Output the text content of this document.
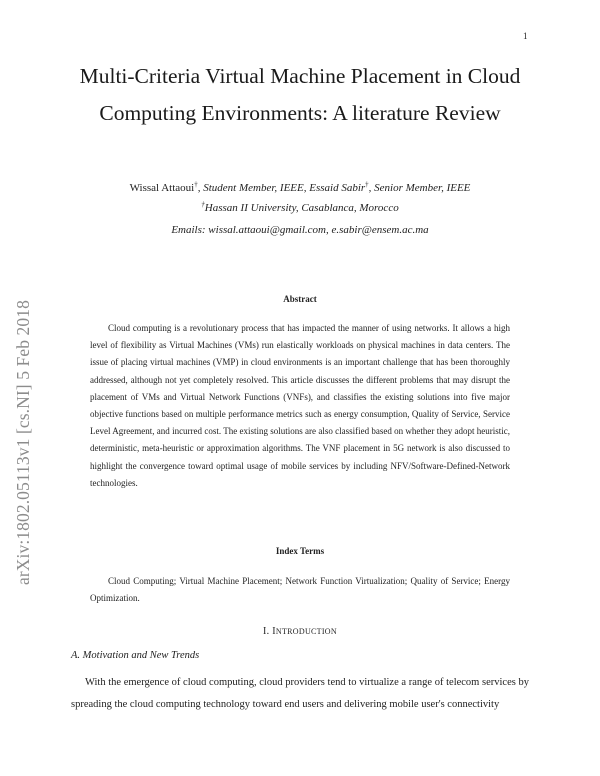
1
arXiv:1802.05113v1 [cs.NI] 5 Feb 2018
Multi-Criteria Virtual Machine Placement in Cloud Computing Environments: A literature Review
Wissal Attaoui†, Student Member, IEEE, Essaid Sabir†, Senior Member, IEEE
†Hassan II University, Casablanca, Morocco
Emails: wissal.attaoui@gmail.com, e.sabir@ensem.ac.ma
Abstract

Cloud computing is a revolutionary process that has impacted the manner of using networks. It allows a high level of flexibility as Virtual Machines (VMs) run elastically workloads on physical machines in data centers. The issue of placing virtual machines (VMP) in cloud environments is an important challenge that has been thoroughly addressed, although not yet completely resolved. This article discusses the different problems that may disrupt the placement of VMs and Virtual Network Functions (VNFs), and classifies the existing solutions into five major objective functions based on multiple performance metrics such as energy consumption, Quality of Service, Service Level Agreement, and incurred cost. The existing solutions are also classified based on whether they adopt heuristic, deterministic, meta-heuristic or approximation algorithms. The VNF placement in 5G network is also discussed to highlight the convergence toward optimal usage of mobile services by including NFV/Software-Defined-Network technologies.

Index Terms

Cloud Computing; Virtual Machine Placement; Network Function Virtualization; Quality of Service; Energy Optimization.

I. INTRODUCTION
A. Motivation and New Trends

With the emergence of cloud computing, cloud providers tend to virtualize a range of telecom services by spreading the cloud computing technology toward end users and delivering mobile user's connectivity
